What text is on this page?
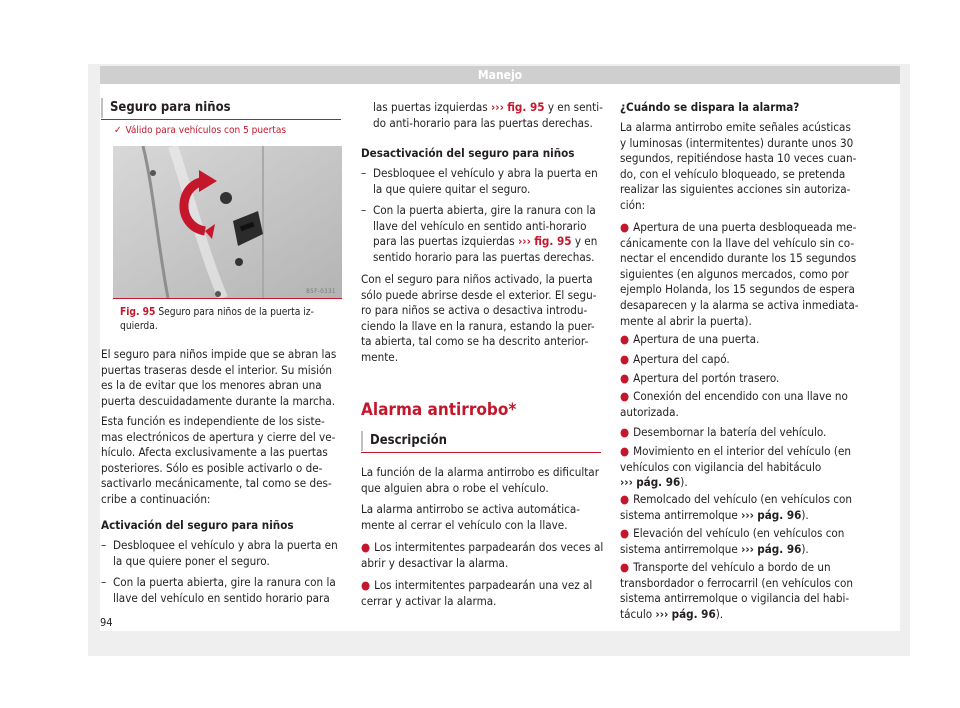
Manejo
Seguro para niños
✓ Válido para vehículos con 5 puertas
B5F-0331
Fig. 95 Seguro para niños de la puerta iz-
quierda.
El seguro para niños impide que se abran las
puertas traseras desde el interior. Su misión
es la de evitar que los menores abran una
puerta descuidadamente durante la marcha.
Esta función es independiente de los siste-
mas electrónicos de apertura y cierre del ve-
hículo. Afecta exclusivamente a las puertas
posteriores. Sólo es posible activarlo o de-
sactivarlo mecánicamente, tal como se des-
cribe a continuación:
Activación del seguro para niños
– Desbloquee el vehículo y abra la puerta en
la que quiere poner el seguro.
– Con la puerta abierta, gire la ranura con la
llave del vehículo en sentido horario para
las puertas izquierdas ››› fig. 95 y en senti-
do anti-horario para las puertas derechas.
Desactivación del seguro para niños
– Desbloquee el vehículo y abra la puerta en
la que quiere quitar el seguro.
– Con la puerta abierta, gire la ranura con la
llave del vehículo en sentido anti-horario
para las puertas izquierdas ››› fig. 95 y en
sentido horario para las puertas derechas.
Con el seguro para niños activado, la puerta
sólo puede abrirse desde el exterior. El segu-
ro para niños se activa o desactiva introdu-
ciendo la llave en la ranura, estando la puer-
ta abierta, tal como se ha descrito anterior-
mente.
Alarma antirrobo*
Descripción
La función de la alarma antirrobo es dificultar
que alguien abra o robe el vehículo.
La alarma antirrobo se activa automática-
mente al cerrar el vehículo con la llave.
● Los intermitentes parpadearán dos veces al
abrir y desactivar la alarma.
● Los intermitentes parpadearán una vez al
cerrar y activar la alarma.
¿Cuándo se dispara la alarma?
La alarma antirrobo emite señales acústicas
y luminosas (intermitentes) durante unos 30
segundos, repitiéndose hasta 10 veces cuan-
do, con el vehículo bloqueado, se pretenda
realizar las siguientes acciones sin autoriza-
ción:
● Apertura de una puerta desbloqueada me-
cánicamente con la llave del vehículo sin co-
nectar el encendido durante los 15 segundos
siguientes (en algunos mercados, como por
ejemplo Holanda, los 15 segundos de espera
desaparecen y la alarma se activa inmediata-
mente al abrir la puerta).
● Apertura de una puerta.
● Apertura del capó.
● Apertura del portón trasero.
● Conexión del encendido con una llave no
autorizada.
● Desembornar la batería del vehículo.
● Movimiento en el interior del vehículo (en
vehículos con vigilancia del habitáculo
››› pág. 96).
● Remolcado del vehículo (en vehículos con
sistema antirremolque ››› pág. 96).
● Elevación del vehículo (en vehículos con
sistema antirremolque ››› pág. 96).
● Transporte del vehículo a bordo de un
transbordador o ferrocarril (en vehículos con
sistema antirremolque o vigilancia del habi-
táculo ››› pág. 96).
94
